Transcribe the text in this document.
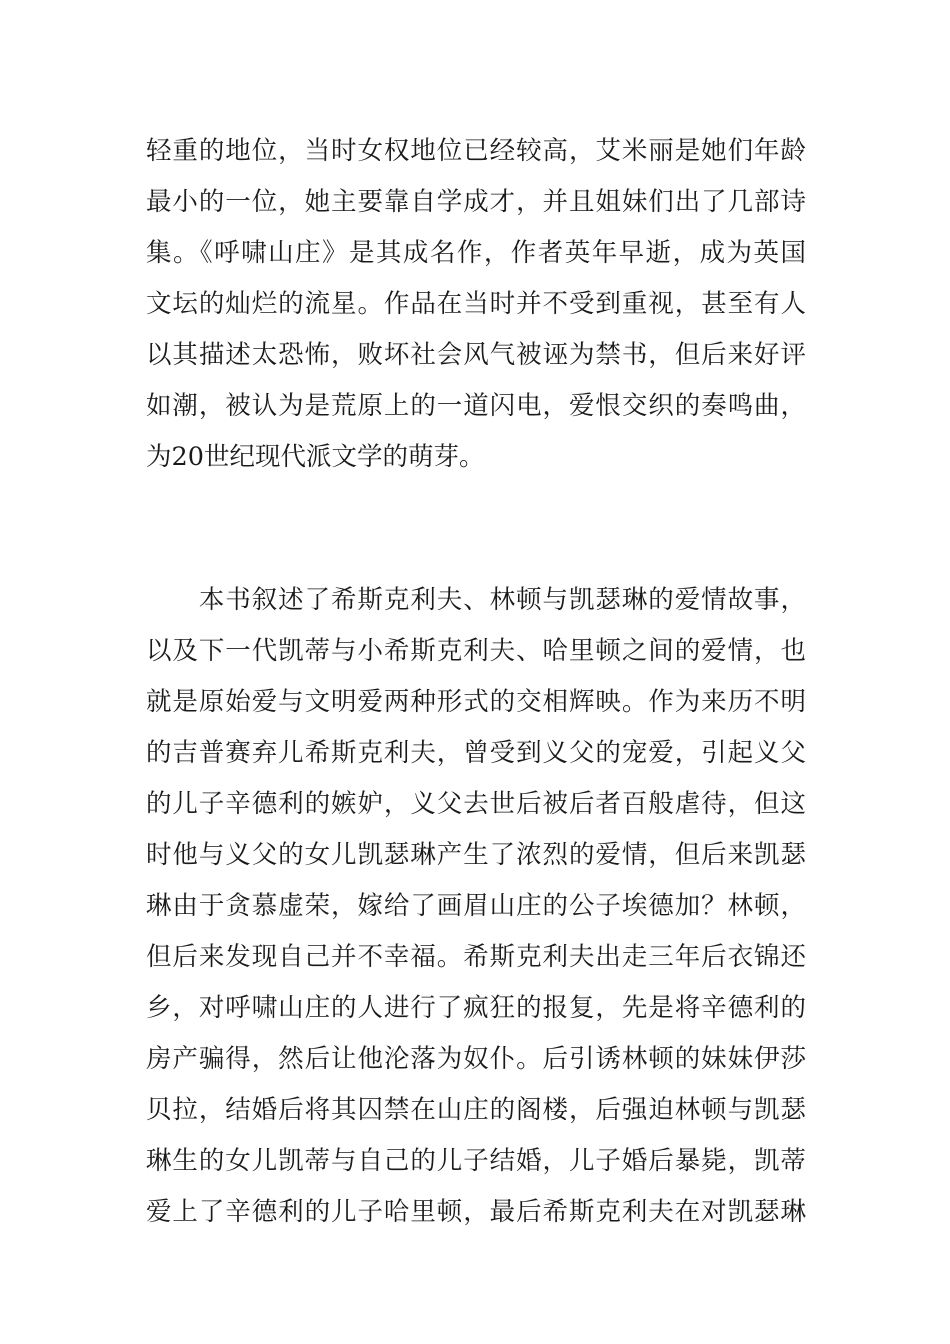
轻重的地位，当时女权地位已经较高，艾米丽是她们年龄
最小的一位，她主要靠自学成才，并且姐妹们出了几部诗
集。《呼啸山庄》是其成名作，作者英年早逝，成为英国
文坛的灿烂的流星。作品在当时并不受到重视，甚至有人
以其描述太恐怖，败坏社会风气被诬为禁书，但后来好评
如潮，被认为是荒原上的一道闪电，爱恨交织的奏鸣曲，
为20世纪现代派文学的萌芽。
　　本书叙述了希斯克利夫、林顿与凯瑟琳的爱情故事，
以及下一代凯蒂与小希斯克利夫、哈里顿之间的爱情，也
就是原始爱与文明爱两种形式的交相辉映。作为来历不明
的吉普赛弃儿希斯克利夫，曾受到义父的宠爱，引起义父
的儿子辛德利的嫉妒，义父去世后被后者百般虐待，但这
时他与义父的女儿凯瑟琳产生了浓烈的爱情，但后来凯瑟
琳由于贪慕虚荣，嫁给了画眉山庄的公子埃德加？林顿，
但后来发现自己并不幸福。希斯克利夫出走三年后衣锦还
乡，对呼啸山庄的人进行了疯狂的报复，先是将辛德利的
房产骗得，然后让他沦落为奴仆。后引诱林顿的妹妹伊莎
贝拉，结婚后将其囚禁在山庄的阁楼，后强迫林顿与凯瑟
琳生的女儿凯蒂与自己的儿子结婚，儿子婚后暴毙，凯蒂
爱上了辛德利的儿子哈里顿，最后希斯克利夫在对凯瑟琳
